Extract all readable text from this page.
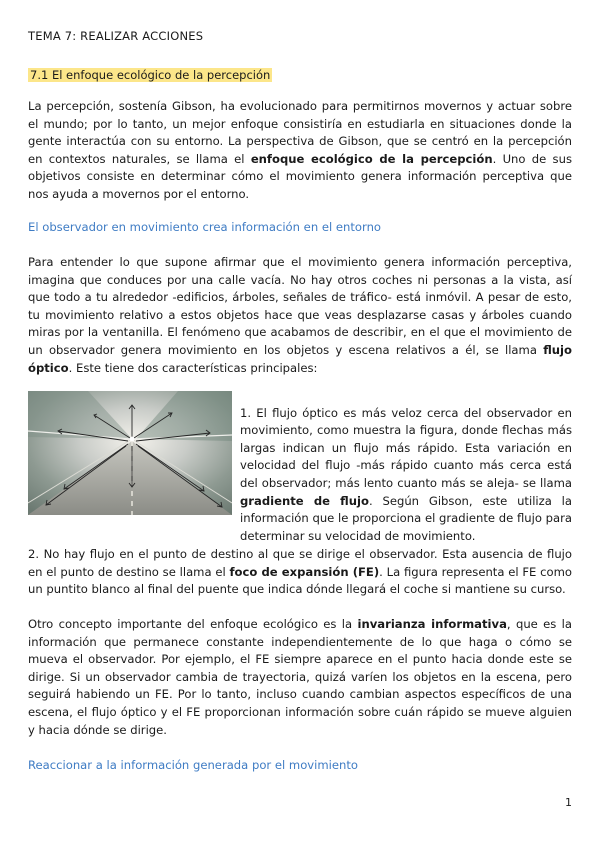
TEMA 7: REALIZAR ACCIONES

7.1 El enfoque ecológico de la percepción

La percepción, sostenía Gibson, ha evolucionado para permitirnos movernos y actuar sobre el mundo; por lo tanto, un mejor enfoque consistiría en estudiarla en situaciones donde la gente interactúa con su entorno. La perspectiva de Gibson, que se centró en la percepción en contextos naturales, se llama el enfoque ecológico de la percepción. Uno de sus objetivos consiste en determinar cómo el movimiento genera información perceptiva que nos ayuda a movernos por el entorno.

El observador en movimiento crea información en el entorno

Para entender lo que supone afirmar que el movimiento genera información perceptiva, imagina que conduces por una calle vacía. No hay otros coches ni personas a la vista, así que todo a tu alrededor -edificios, árboles, señales de tráfico- está inmóvil. A pesar de esto, tu movimiento relativo a estos objetos hace que veas desplazarse casas y árboles cuando miras por la ventanilla. El fenómeno que acabamos de describir, en el que el movimiento de un observador genera movimiento en los objetos y escena relativos a él, se llama flujo óptico. Este tiene dos características principales:

1. El flujo óptico es más veloz cerca del observador en movimiento, como muestra la figura, donde flechas más largas indican un flujo más rápido. Esta variación en velocidad del flujo -más rápido cuanto más cerca está del observador; más lento cuanto más se aleja- se llama gradiente de flujo. Según Gibson, este utiliza la información que le proporciona el gradiente de flujo para determinar su velocidad de movimiento.

2. No hay flujo en el punto de destino al que se dirige el observador. Esta ausencia de flujo en el punto de destino se llama el foco de expansión (FE). La figura representa el FE como un puntito blanco al final del puente que indica dónde llegará el coche si mantiene su curso.

Otro concepto importante del enfoque ecológico es la invarianza informativa, que es la información que permanece constante independientemente de lo que haga o cómo se mueva el observador. Por ejemplo, el FE siempre aparece en el punto hacia donde este se dirige. Si un observador cambia de trayectoria, quizá varíen los objetos en la escena, pero seguirá habiendo un FE. Por lo tanto, incluso cuando cambian aspectos específicos de una escena, el flujo óptico y el FE proporcionan información sobre cuán rápido se mueve alguien y hacia dónde se dirige.

Reaccionar a la información generada por el movimiento

1
